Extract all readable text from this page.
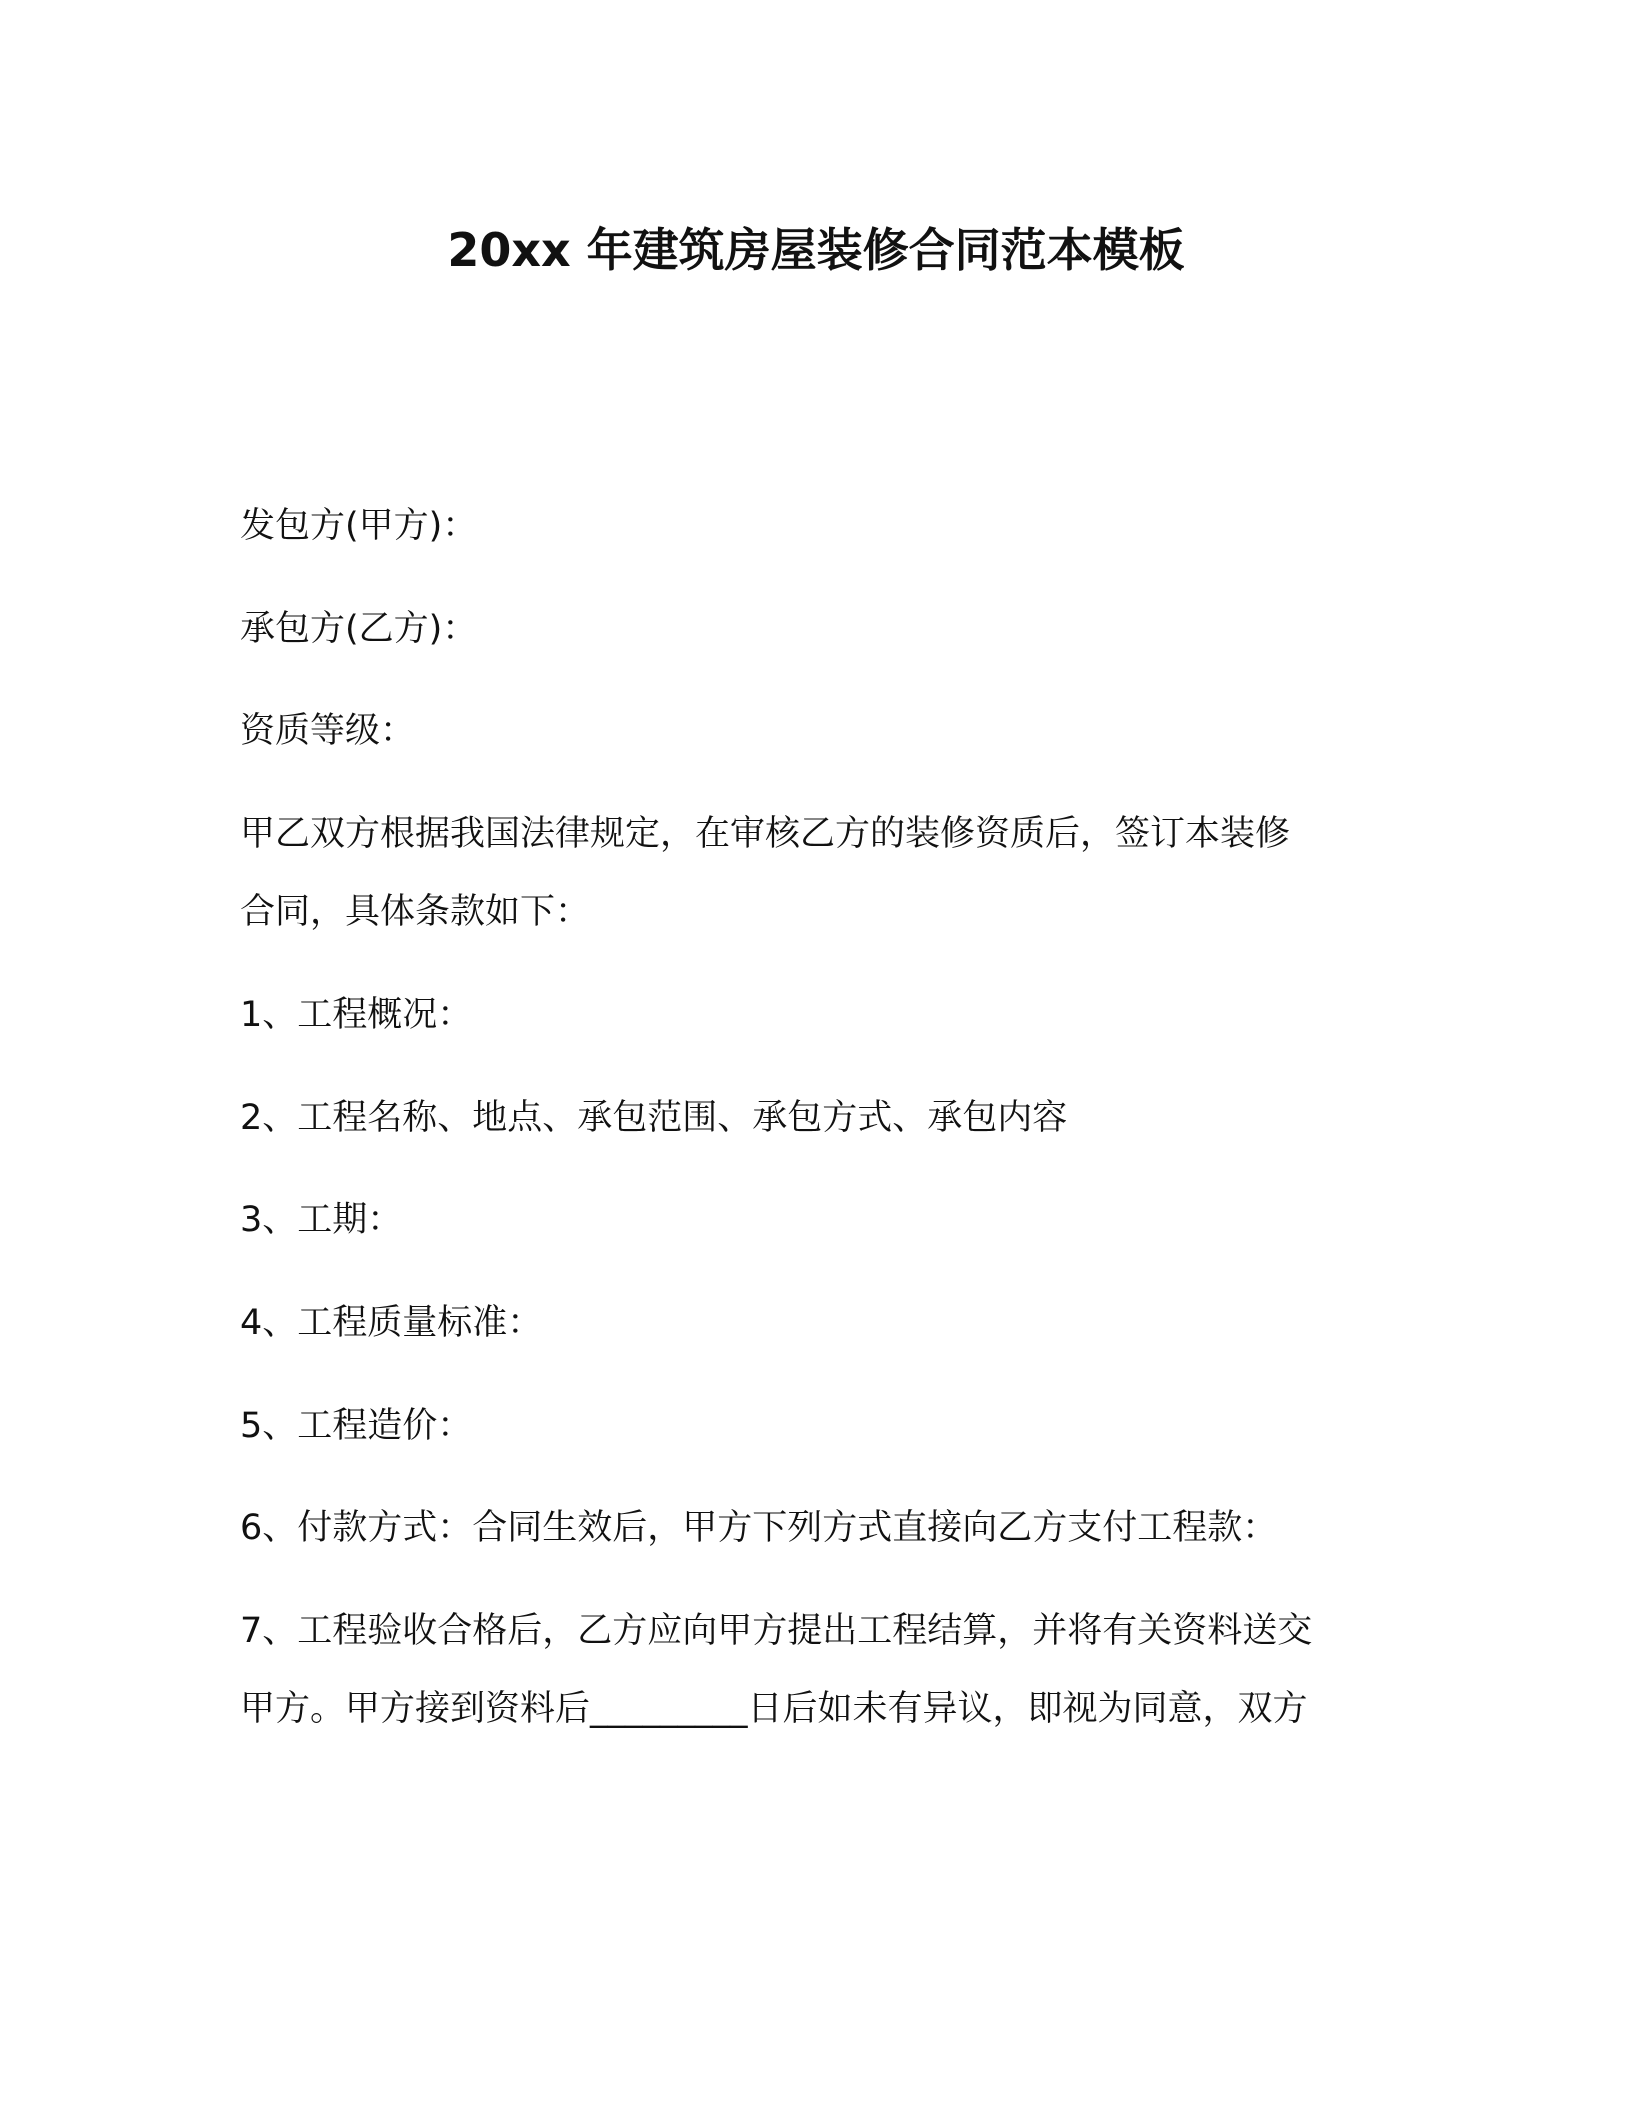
20xx 年建筑房屋装修合同范本模板
发包方(甲方)：
承包方(乙方)：
资质等级：
甲乙双方根据我国法律规定，在审核乙方的装修资质后，签订本装修
合同，具体条款如下：
1、工程概况：
2、工程名称、地点、承包范围、承包方式、承包内容
3、工期：
4、工程质量标准：
5、工程造价：
6、付款方式：合同生效后，甲方下列方式直接向乙方支付工程款：
7、工程验收合格后，乙方应向甲方提出工程结算，并将有关资料送交
甲方。甲方接到资料后_________日后如未有异议，即视为同意，双方
